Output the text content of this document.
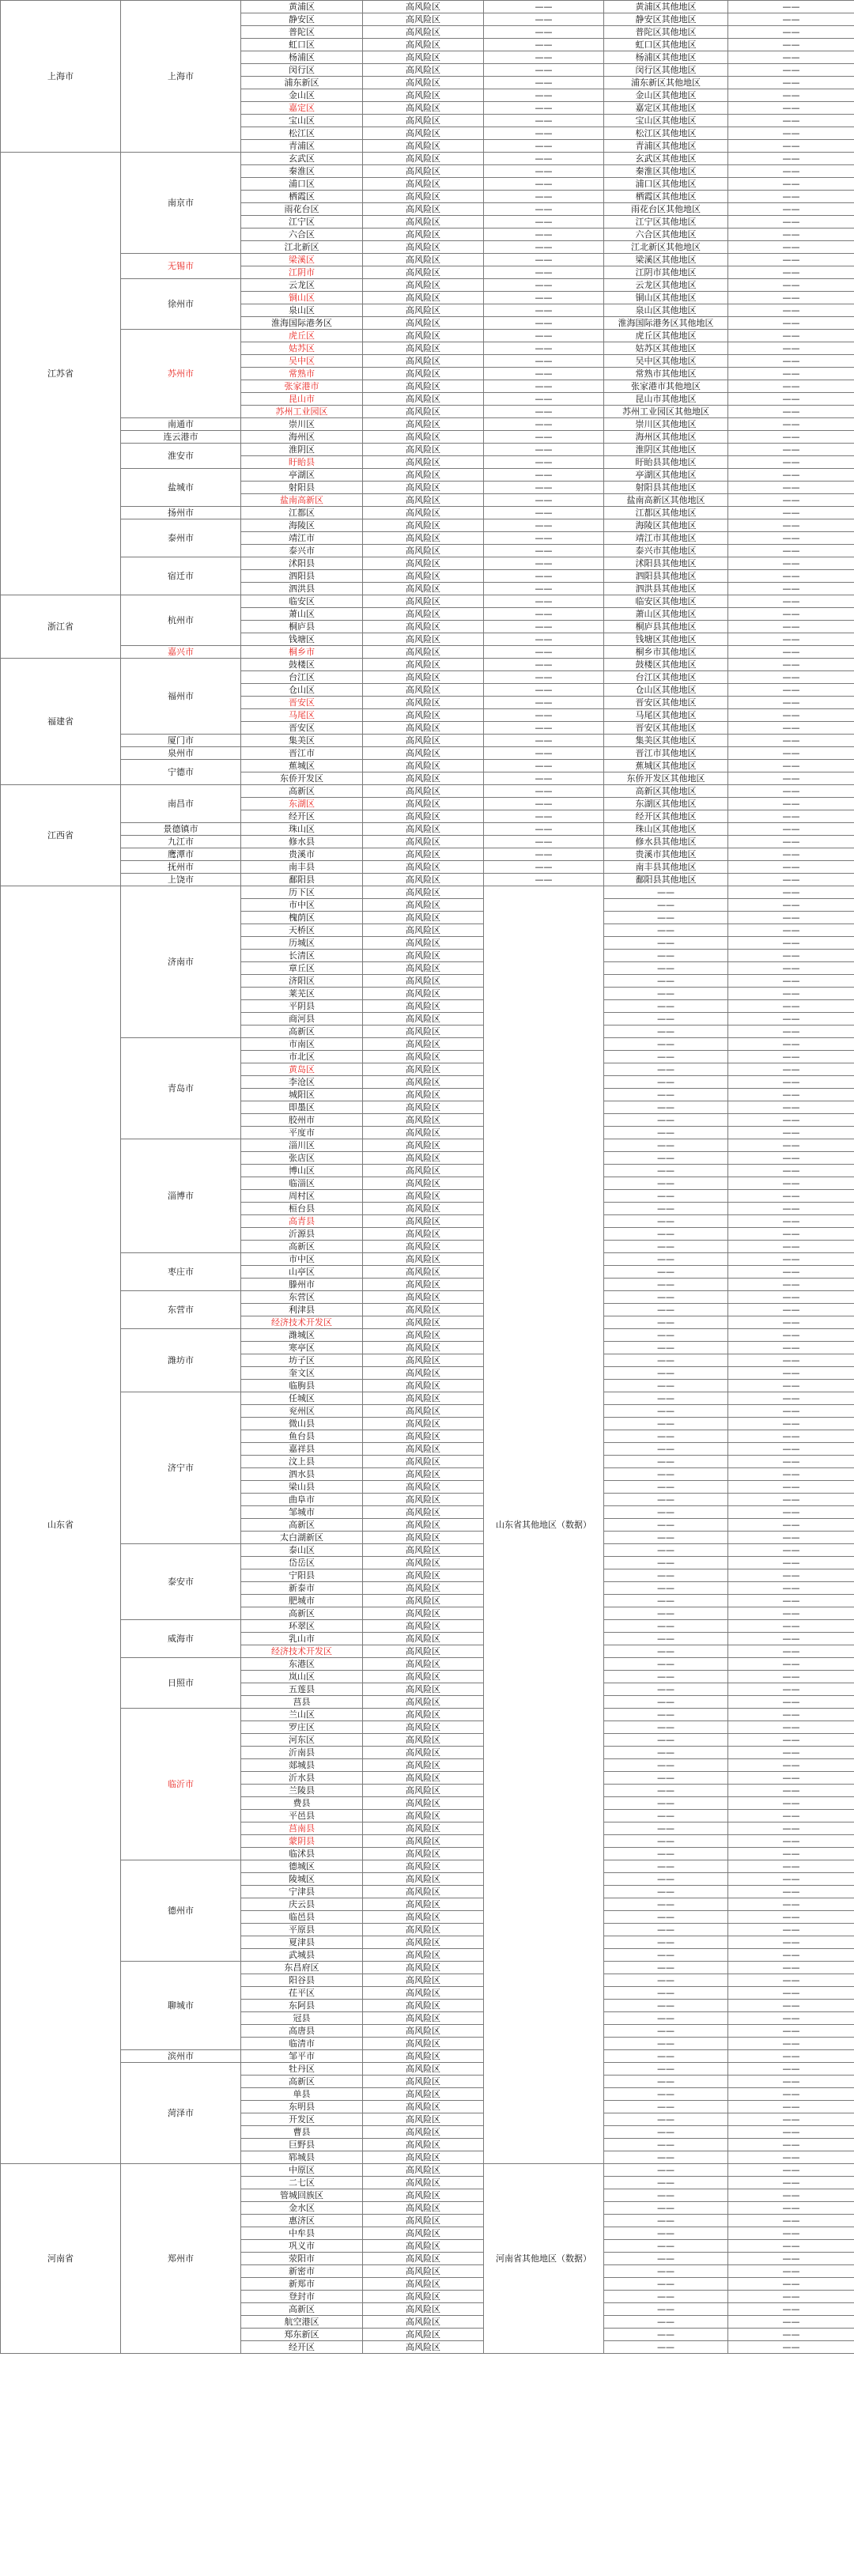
上海市	上海市	黄浦区	高风险区	——	黄浦区其他地区	——
		静安区	高风险区	——	静安区其他地区	——
		普陀区	高风险区	——	普陀区其他地区	——
		虹口区	高风险区	——	虹口区其他地区	——
		杨浦区	高风险区	——	杨浦区其他地区	——
		闵行区	高风险区	——	闵行区其他地区	——
		浦东新区	高风险区	——	浦东新区其他地区	——
		金山区	高风险区	——	金山区其他地区	——
		嘉定区	高风险区	——	嘉定区其他地区	——
		宝山区	高风险区	——	宝山区其他地区	——
		松江区	高风险区	——	松江区其他地区	——
		青浦区	高风险区	——	青浦区其他地区	——
江苏省	南京市	玄武区	高风险区	——	玄武区其他地区	——
		秦淮区	高风险区	——	秦淮区其他地区	——
		浦口区	高风险区	——	浦口区其他地区	——
		栖霞区	高风险区	——	栖霞区其他地区	——
		雨花台区	高风险区	——	雨花台区其他地区	——
		江宁区	高风险区	——	江宁区其他地区	——
		六合区	高风险区	——	六合区其他地区	——
		江北新区	高风险区	——	江北新区其他地区	——
	无锡市	梁溪区	高风险区	——	梁溪区其他地区	——
		江阴市	高风险区	——	江阴市其他地区	——
	徐州市	云龙区	高风险区	——	云龙区其他地区	——
		铜山区	高风险区	——	铜山区其他地区	——
		泉山区	高风险区	——	泉山区其他地区	——
		淮海国际港务区	高风险区	——	淮海国际港务区其他地区	——
	苏州市	虎丘区	高风险区	——	虎丘区其他地区	——
		姑苏区	高风险区	——	姑苏区其他地区	——
		吴中区	高风险区	——	吴中区其他地区	——
		常熟市	高风险区	——	常熟市其他地区	——
		张家港市	高风险区	——	张家港市其他地区	——
		昆山市	高风险区	——	昆山市其他地区	——
		苏州工业园区	高风险区	——	苏州工业园区其他地区	——
	南通市	崇川区	高风险区	——	崇川区其他地区	——
	连云港市	海州区	高风险区	——	海州区其他地区	——
	淮安市	淮阴区	高风险区	——	淮阴区其他地区	——
		盱眙县	高风险区	——	盱眙县其他地区	——
	盐城市	亭湖区	高风险区	——	亭湖区其他地区	——
		射阳县	高风险区	——	射阳县其他地区	——
		盐南高新区	高风险区	——	盐南高新区其他地区	——
	扬州市	江都区	高风险区	——	江都区其他地区	——
	泰州市	海陵区	高风险区	——	海陵区其他地区	——
		靖江市	高风险区	——	靖江市其他地区	——
		泰兴市	高风险区	——	泰兴市其他地区	——
	宿迁市	沭阳县	高风险区	——	沭阳县其他地区	——
		泗阳县	高风险区	——	泗阳县其他地区	——
		泗洪县	高风险区	——	泗洪县其他地区	——
浙江省	杭州市	临安区	高风险区	——	临安区其他地区	——
		萧山区	高风险区	——	萧山区其他地区	——
		桐庐县	高风险区	——	桐庐县其他地区	——
		钱塘区	高风险区	——	钱塘区其他地区	——
	嘉兴市	桐乡市	高风险区	——	桐乡市其他地区	——
福建省	福州市	鼓楼区	高风险区	——	鼓楼区其他地区	——
		台江区	高风险区	——	台江区其他地区	——
		仓山区	高风险区	——	仓山区其他地区	——
		晋安区	高风险区	——	晋安区其他地区	——
		马尾区	高风险区	——	马尾区其他地区	——
		晋安区	高风险区	——	晋安区其他地区	——
	厦门市	集美区	高风险区	——	集美区其他地区	——
	泉州市	晋江市	高风险区	——	晋江市其他地区	——
	宁德市	蕉城区	高风险区	——	蕉城区其他地区	——
		东侨开发区	高风险区	——	东侨开发区其他地区	——
江西省	南昌市	高新区	高风险区	——	高新区其他地区	——
		东湖区	高风险区	——	东湖区其他地区	——
		经开区	高风险区	——	经开区其他地区	——
	景德镇市	珠山区	高风险区	——	珠山区其他地区	——
	九江市	修水县	高风险区	——	修水县其他地区	——
	鹰潭市	贵溪市	高风险区	——	贵溪市其他地区	——
	抚州市	南丰县	高风险区	——	南丰县其他地区	——
	上饶市	鄱阳县	高风险区	——	鄱阳县其他地区	——
山东省	济南市	历下区	高风险区	山东省其他地区（数据）	——	——
		市中区	高风险区		——	——
		槐荫区	高风险区		——	——
		天桥区	高风险区		——	——
		历城区	高风险区		——	——
		长清区	高风险区		——	——
		章丘区	高风险区		——	——
		济阳区	高风险区		——	——
		莱芜区	高风险区		——	——
		平阴县	高风险区		——	——
		商河县	高风险区		——	——
		高新区	高风险区		——	——
	青岛市	市南区	高风险区		——	——
		市北区	高风险区		——	——
		黄岛区	高风险区		——	——
		李沧区	高风险区		——	——
		城阳区	高风险区		——	——
		即墨区	高风险区		——	——
		胶州市	高风险区		——	——
		平度市	高风险区		——	——
	淄博市	淄川区	高风险区		——	——
		张店区	高风险区		——	——
		博山区	高风险区		——	——
		临淄区	高风险区		——	——
		周村区	高风险区		——	——
		桓台县	高风险区		——	——
		高青县	高风险区		——	——
		沂源县	高风险区		——	——
		高新区	高风险区		——	——
	枣庄市	市中区	高风险区		——	——
		山亭区	高风险区		——	——
		滕州市	高风险区		——	——
	东营市	东营区	高风险区		——	——
		利津县	高风险区		——	——
		经济技术开发区	高风险区		——	——
	潍坊市	潍城区	高风险区		——	——
		寒亭区	高风险区		——	——
		坊子区	高风险区		——	——
		奎文区	高风险区		——	——
		临朐县	高风险区		——	——
	济宁市	任城区	高风险区		——	——
		兖州区	高风险区		——	——
		微山县	高风险区		——	——
		鱼台县	高风险区		——	——
		嘉祥县	高风险区		——	——
		汶上县	高风险区		——	——
		泗水县	高风险区		——	——
		梁山县	高风险区		——	——
		曲阜市	高风险区		——	——
		邹城市	高风险区		——	——
		高新区	高风险区		——	——
		太白湖新区	高风险区		——	——
	泰安市	泰山区	高风险区		——	——
		岱岳区	高风险区		——	——
		宁阳县	高风险区		——	——
		新泰市	高风险区		——	——
		肥城市	高风险区		——	——
		高新区	高风险区		——	——
	威海市	环翠区	高风险区		——	——
		乳山市	高风险区		——	——
		经济技术开发区	高风险区		——	——
	日照市	东港区	高风险区		——	——
		岚山区	高风险区		——	——
		五莲县	高风险区		——	——
		莒县	高风险区		——	——
	临沂市	兰山区	高风险区		——	——
		罗庄区	高风险区		——	——
		河东区	高风险区		——	——
		沂南县	高风险区		——	——
		郯城县	高风险区		——	——
		沂水县	高风险区		——	——
		兰陵县	高风险区		——	——
		费县	高风险区		——	——
		平邑县	高风险区		——	——
		莒南县	高风险区		——	——
		蒙阴县	高风险区		——	——
		临沭县	高风险区		——	——
	德州市	德城区	高风险区		——	——
		陵城区	高风险区		——	——
		宁津县	高风险区		——	——
		庆云县	高风险区		——	——
		临邑县	高风险区		——	——
		平原县	高风险区		——	——
		夏津县	高风险区		——	——
		武城县	高风险区		——	——
	聊城市	东昌府区	高风险区		——	——
		阳谷县	高风险区		——	——
		茌平区	高风险区		——	——
		东阿县	高风险区		——	——
		冠县	高风险区		——	——
		高唐县	高风险区		——	——
		临清市	高风险区		——	——
	滨州市	邹平市	高风险区		——	——
	菏泽市	牡丹区	高风险区		——	——
		高新区	高风险区		——	——
		单县	高风险区		——	——
		东明县	高风险区		——	——
		开发区	高风险区		——	——
		曹县	高风险区		——	——
		巨野县	高风险区		——	——
		郓城县	高风险区		——	——
河南省	郑州市	中原区	高风险区	河南省其他地区（数据）	——	——
		二七区	高风险区		——	——
		管城回族区	高风险区		——	——
		金水区	高风险区		——	——
		惠济区	高风险区		——	——
		中牟县	高风险区		——	——
		巩义市	高风险区		——	——
		荥阳市	高风险区		——	——
		新密市	高风险区		——	——
		新郑市	高风险区		——	——
		登封市	高风险区		——	——
		高新区	高风险区		——	——
		航空港区	高风险区		——	——
		郑东新区	高风险区		——	——
		经开区	高风险区		——	——
